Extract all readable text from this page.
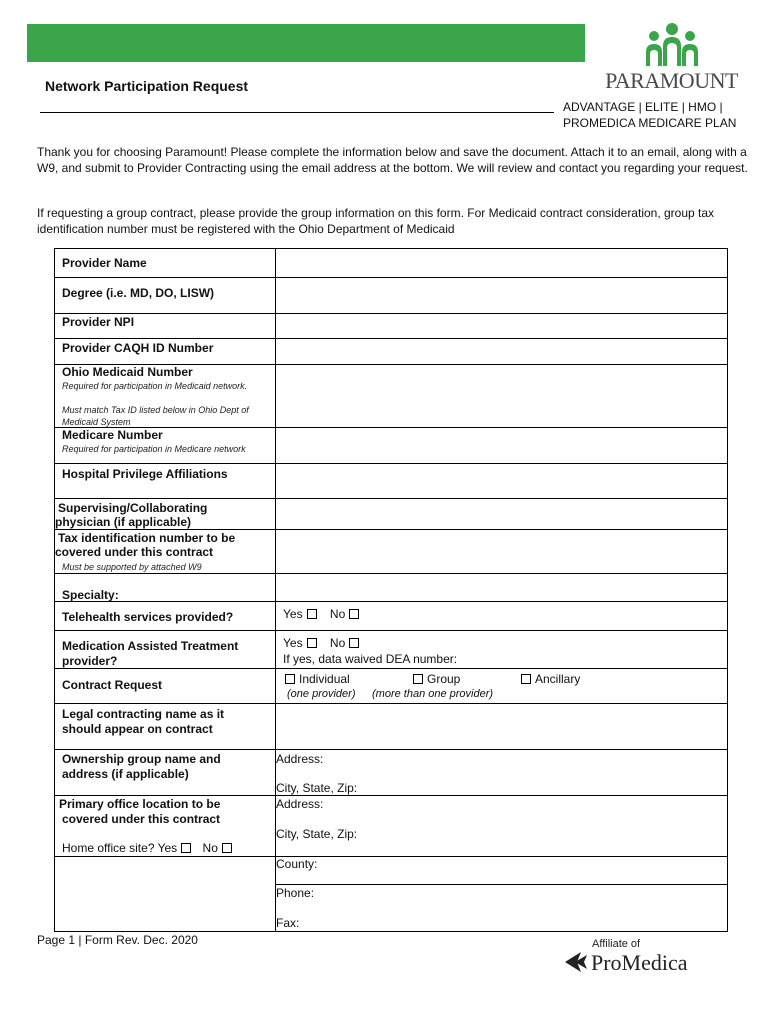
PARAMOUNT
Network Participation Request
ADVANTAGE | ELITE | HMO |
PROMEDICA MEDICARE PLAN
Thank you for choosing Paramount! Please complete the information below and save the document. Attach it to an email, along with a W9, and submit to Provider Contracting using the email address at the bottom. We will review and contact you regarding your request.
If requesting a group contract, please provide the group information on this form. For Medicaid contract consideration, group tax identification number must be registered with the Ohio Department of Medicaid
Provider Name
Degree (i.e. MD, DO, LISW)
Provider NPI
Provider CAQH ID Number
Ohio Medicaid Number
Required for participation in Medicaid network.
Must match Tax ID listed below in Ohio Dept of Medicaid System
Medicare Number
Required for participation in Medicare network
Hospital Privilege Affiliations
Supervising/Collaborating
physician (if applicable)
Tax identification number to be
covered under this contract
Must be supported by attached W9
Specialty:
Telehealth services provided?
Medication Assisted Treatment
provider?
Contract Request
Legal contracting name as it
should appear on contract
Ownership group name and
address (if applicable)
Primary office location to be
covered under this contract
Home office site? Yes No
Yes No
Yes No
If yes, data waived DEA number:
Individual
(one provider)
Group
(more than one provider)
Ancillary
Address:
City, State, Zip:
Address:
City, State, Zip:
County:
Phone:
Fax:
Page 1 | Form Rev. Dec. 2020	Affiliate of
ProMedica
